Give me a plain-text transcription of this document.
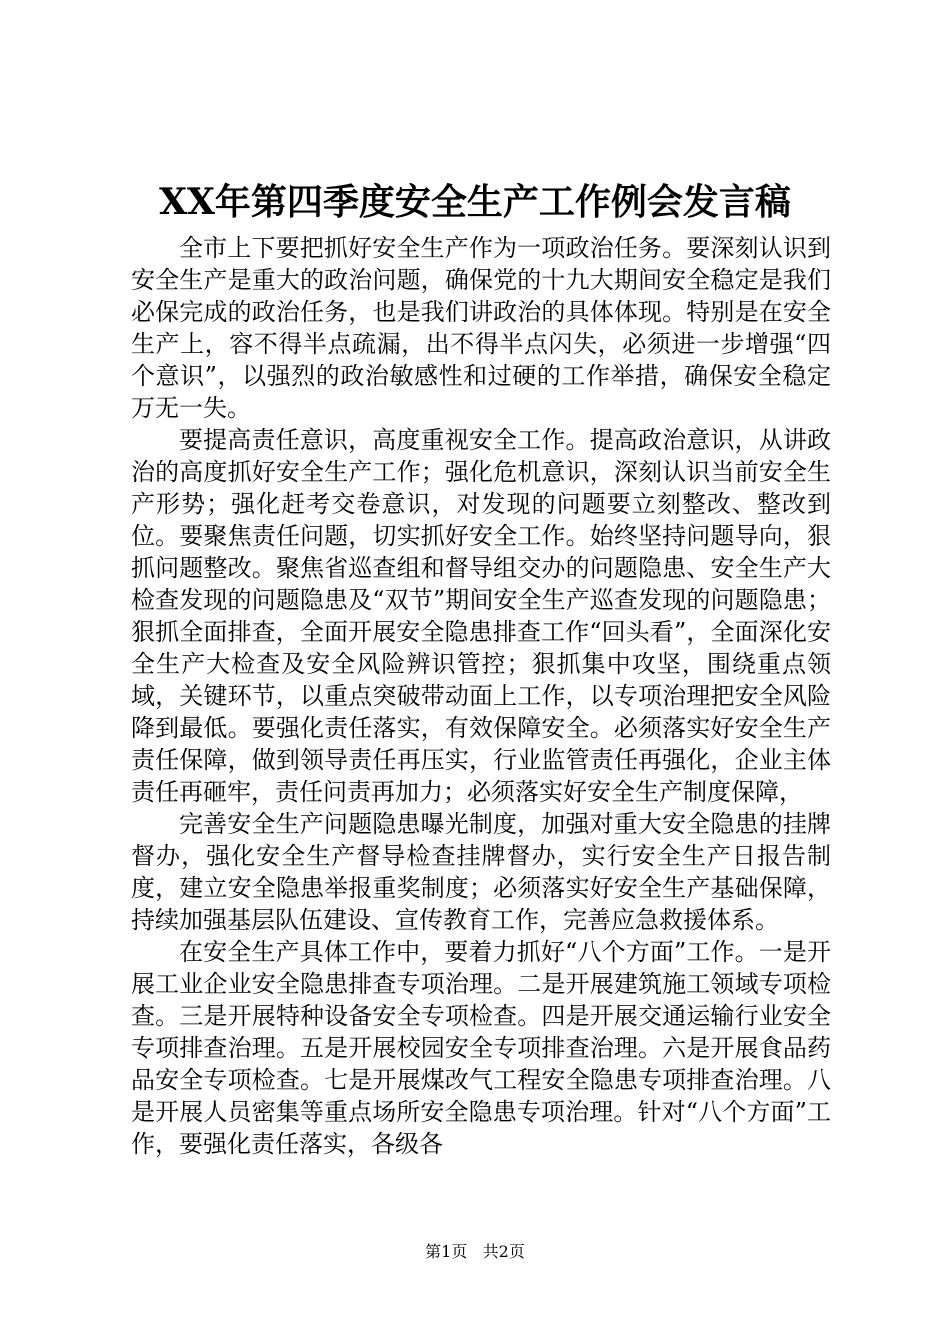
XX年第四季度安全生产工作例会发言稿

全市上下要把抓好安全生产作为一项政治任务。要深刻认识到安全生产是重大的政治问题，确保党的十九大期间安全稳定是我们必保完成的政治任务，也是我们讲政治的具体体现。特别是在安全生产上，容不得半点疏漏，出不得半点闪失，必须进一步增强“四个意识”，以强烈的政治敏感性和过硬的工作举措，确保安全稳定万无一失。

要提高责任意识，高度重视安全工作。提高政治意识，从讲政治的高度抓好安全生产工作；强化危机意识，深刻认识当前安全生产形势；强化赶考交卷意识，对发现的问题要立刻整改、整改到位。要聚焦责任问题，切实抓好安全工作。始终坚持问题导向，狠抓问题整改。聚焦省巡查组和督导组交办的问题隐患、安全生产大检查发现的问题隐患及“双节”期间安全生产巡查发现的问题隐患；狠抓全面排查，全面开展安全隐患排查工作“回头看”，全面深化安全生产大检查及安全风险辨识管控；狠抓集中攻坚，围绕重点领域，关键环节，以重点突破带动面上工作，以专项治理把安全风险降到最低。要强化责任落实，有效保障安全。必须落实好安全生产责任保障，做到领导责任再压实，行业监管责任再强化，企业主体责任再砸牢，责任问责再加力；必须落实好安全生产制度保障，

完善安全生产问题隐患曝光制度，加强对重大安全隐患的挂牌督办，强化安全生产督导检查挂牌督办，实行安全生产日报告制度，建立安全隐患举报重奖制度；必须落实好安全生产基础保障，持续加强基层队伍建设、宣传教育工作，完善应急救援体系。

在安全生产具体工作中，要着力抓好“八个方面”工作。一是开展工业企业安全隐患排查专项治理。二是开展建筑施工领域专项检查。三是开展特种设备安全专项检查。四是开展交通运输行业安全专项排查治理。五是开展校园安全专项排查治理。六是开展食品药品安全专项检查。七是开展煤改气工程安全隐患专项排查治理。八是开展人员密集等重点场所安全隐患专项治理。针对“八个方面”工作，要强化责任落实，各级各

第1页 共2页
